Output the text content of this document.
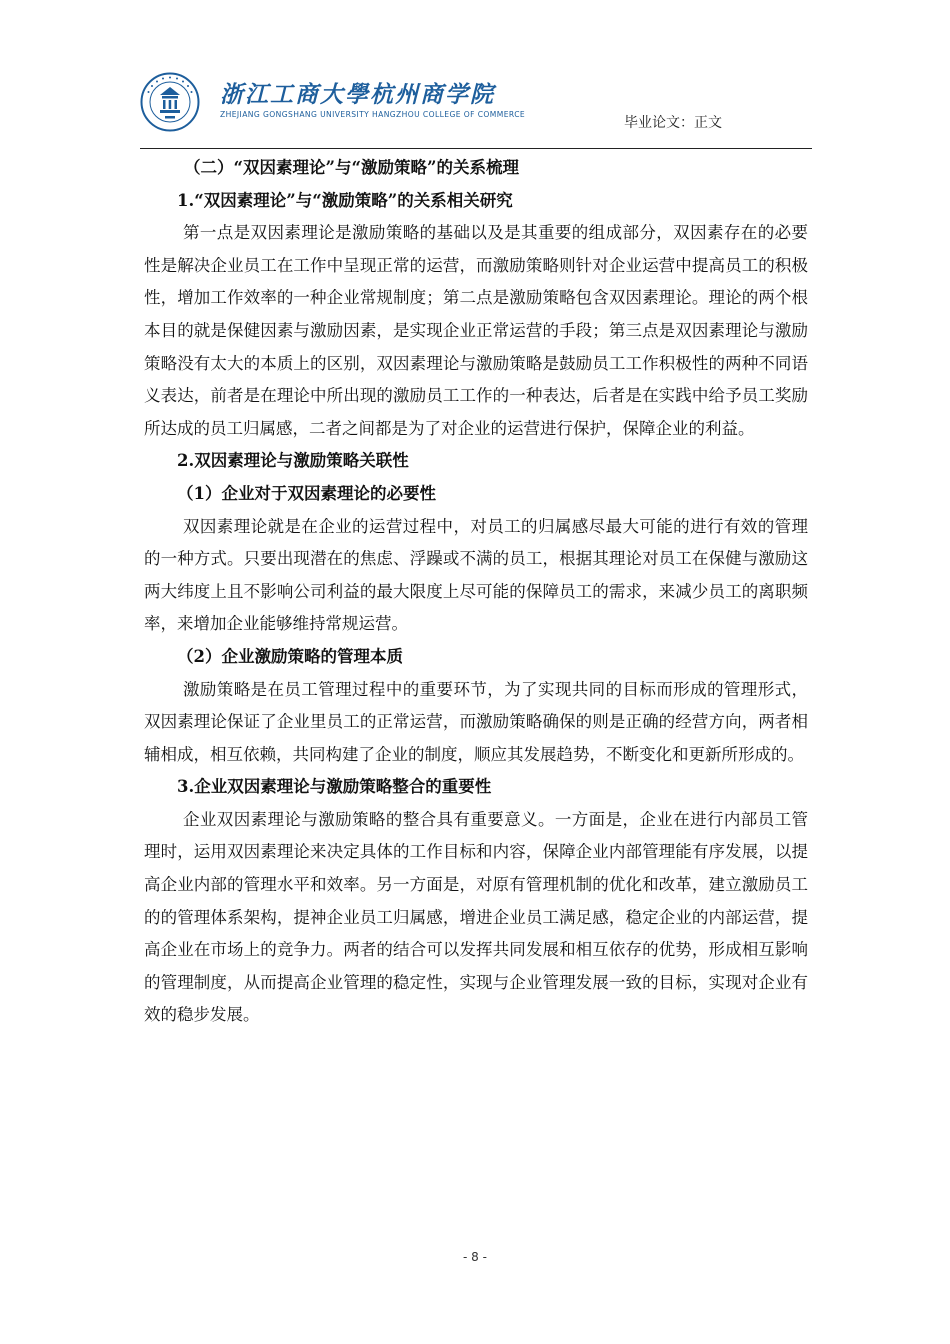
浙江工商大學杭州商学院
ZHEJIANG GONGSHANG UNIVERSITY HANGZHOU COLLEGE OF COMMERCE
毕业论文：正文

（二）“双因素理论”与“激励策略”的关系梳理

1.“双因素理论”与“激励策略”的关系相关研究

第一点是双因素理论是激励策略的基础以及是其重要的组成部分，双因素存在的必要性是解决企业员工在工作中呈现正常的运营，而激励策略则针对企业运营中提高员工的积极性，增加工作效率的一种企业常规制度；第二点是激励策略包含双因素理论。理论的两个根本目的就是保健因素与激励因素，是实现企业正常运营的手段；第三点是双因素理论与激励策略没有太大的本质上的区别，双因素理论与激励策略是鼓励员工工作积极性的两种不同语义表达，前者是在理论中所出现的激励员工工作的一种表达，后者是在实践中给予员工奖励所达成的员工归属感，二者之间都是为了对企业的运营进行保护，保障企业的利益。

2.双因素理论与激励策略关联性

（1）企业对于双因素理论的必要性

双因素理论就是在企业的运营过程中，对员工的归属感尽最大可能的进行有效的管理的一种方式。只要出现潜在的焦虑、浮躁或不满的员工，根据其理论对员工在保健与激励这两大纬度上且不影响公司利益的最大限度上尽可能的保障员工的需求，来减少员工的离职频率，来增加企业能够维持常规运营。

（2）企业激励策略的管理本质

激励策略是在员工管理过程中的重要环节，为了实现共同的目标而形成的管理形式，双因素理论保证了企业里员工的正常运营，而激励策略确保的则是正确的经营方向，两者相辅相成，相互依赖，共同构建了企业的制度，顺应其发展趋势，不断变化和更新所形成的。

3.企业双因素理论与激励策略整合的重要性

企业双因素理论与激励策略的整合具有重要意义。一方面是，企业在进行内部员工管理时，运用双因素理论来决定具体的工作目标和内容，保障企业内部管理能有序发展，以提高企业内部的管理水平和效率。另一方面是，对原有管理机制的优化和改革，建立激励员工的的管理体系架构，提神企业员工归属感，增进企业员工满足感，稳定企业的内部运营，提高企业在市场上的竞争力。两者的结合可以发挥共同发展和相互依存的优势，形成相互影响的管理制度，从而提高企业管理的稳定性，实现与企业管理发展一致的目标，实现对企业有效的稳步发展。

- 8 -
